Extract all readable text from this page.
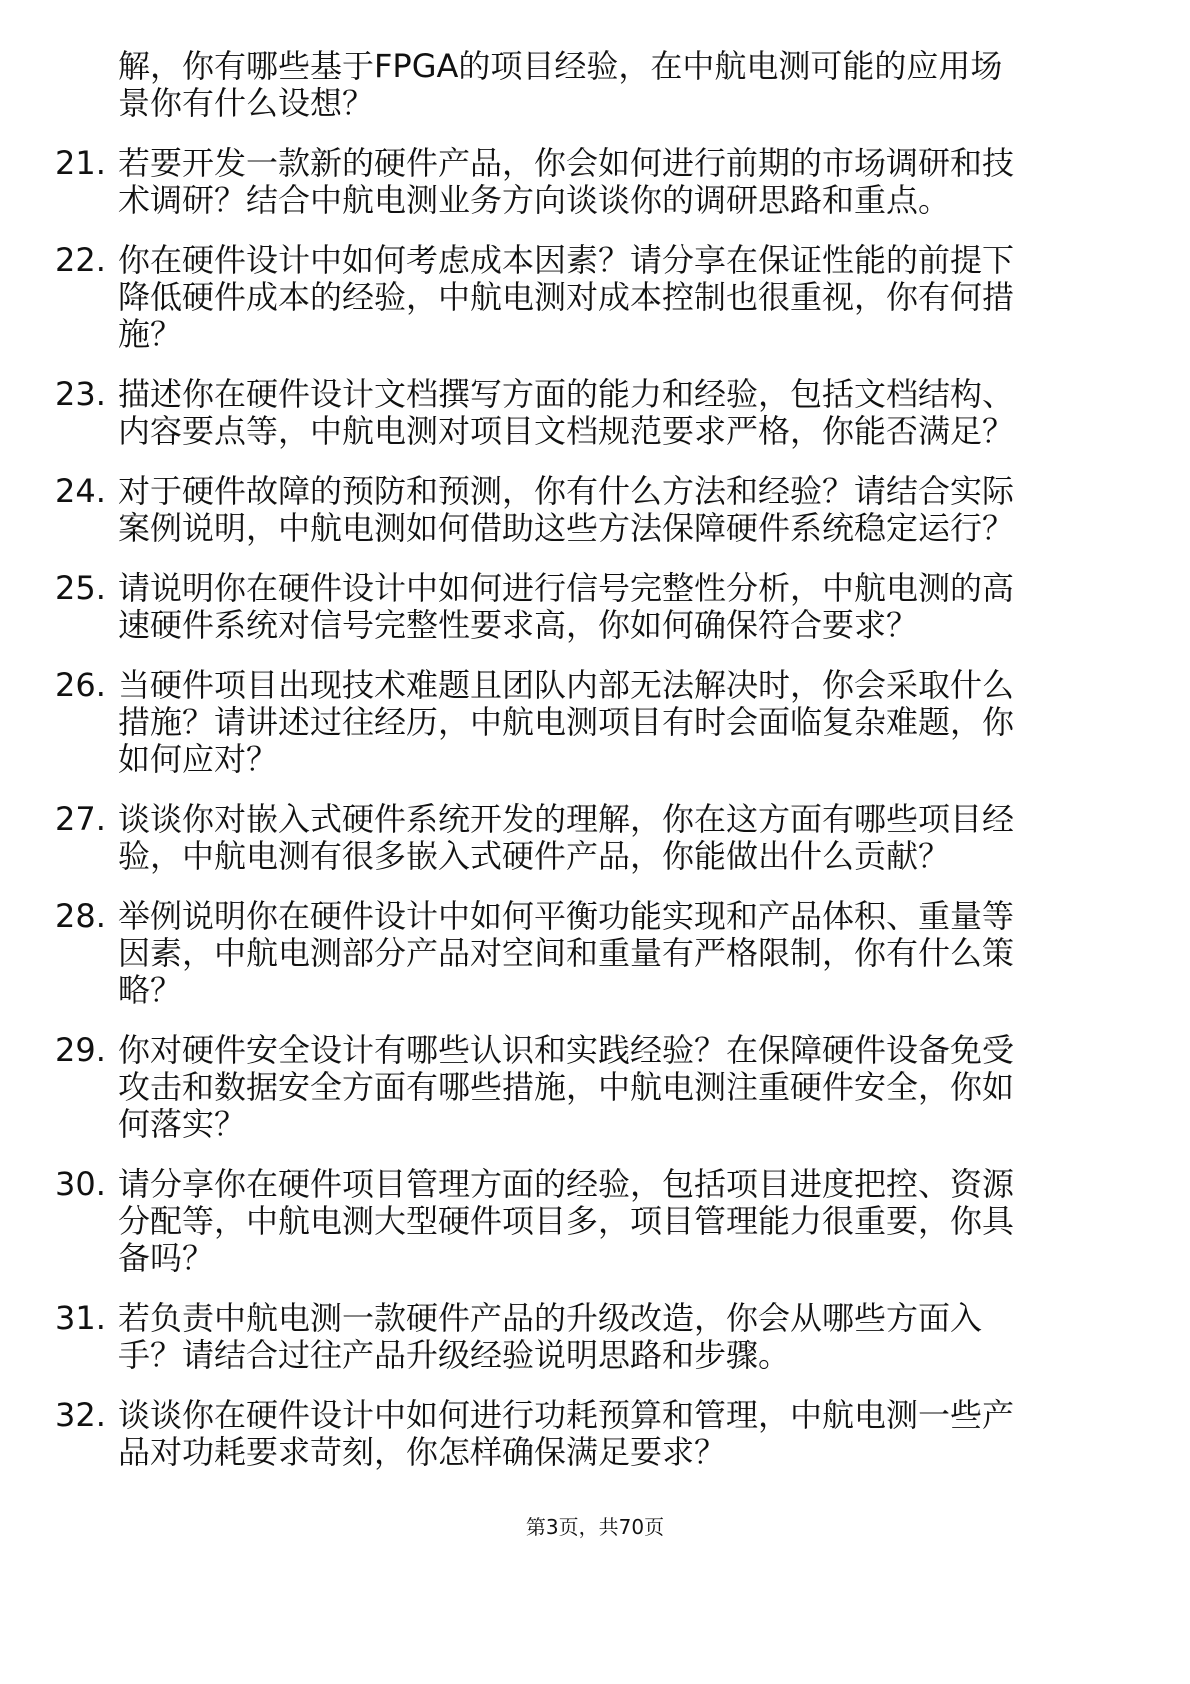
解，你有哪些基于FPGA的项目经验，在中航电测可能的应用场
景你有什么设想？
21. 若要开发一款新的硬件产品，你会如何进行前期的市场调研和技
术调研？结合中航电测业务方向谈谈你的调研思路和重点。
22. 你在硬件设计中如何考虑成本因素？请分享在保证性能的前提下
降低硬件成本的经验，中航电测对成本控制也很重视，你有何措
施？
23. 描述你在硬件设计文档撰写方面的能力和经验，包括文档结构、
内容要点等，中航电测对项目文档规范要求严格，你能否满足？
24. 对于硬件故障的预防和预测，你有什么方法和经验？请结合实际
案例说明，中航电测如何借助这些方法保障硬件系统稳定运行？
25. 请说明你在硬件设计中如何进行信号完整性分析，中航电测的高
速硬件系统对信号完整性要求高，你如何确保符合要求？
26. 当硬件项目出现技术难题且团队内部无法解决时，你会采取什么
措施？请讲述过往经历，中航电测项目有时会面临复杂难题，你
如何应对？
27. 谈谈你对嵌入式硬件系统开发的理解，你在这方面有哪些项目经
验，中航电测有很多嵌入式硬件产品，你能做出什么贡献？
28. 举例说明你在硬件设计中如何平衡功能实现和产品体积、重量等
因素，中航电测部分产品对空间和重量有严格限制，你有什么策
略？
29. 你对硬件安全设计有哪些认识和实践经验？在保障硬件设备免受
攻击和数据安全方面有哪些措施，中航电测注重硬件安全，你如
何落实？
30. 请分享你在硬件项目管理方面的经验，包括项目进度把控、资源
分配等，中航电测大型硬件项目多，项目管理能力很重要，你具
备吗？
31. 若负责中航电测一款硬件产品的升级改造，你会从哪些方面入
手？请结合过往产品升级经验说明思路和步骤。
32. 谈谈你在硬件设计中如何进行功耗预算和管理，中航电测一些产
品对功耗要求苛刻，你怎样确保满足要求？
第3页，共70页
